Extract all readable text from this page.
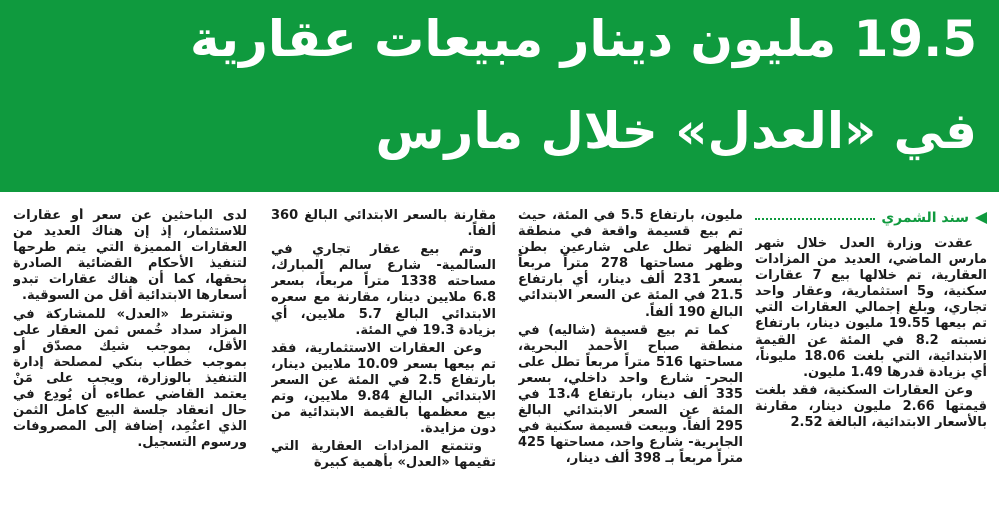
19.5 مليون دينار مبيعات عقارية
في «العدل» خلال مارس
سند الشمري

عقدت وزارة العدل خلال شهر مارس الماضي، العديد من المزادات العقارية، تم خلالها بيع 7 عقارات سكنية، و5 استثمارية، وعقار واحد تجاري، وبلغ إجمالي العقارات التي تم بيعها 19.55 مليون دينار، بارتفاع نسبته 8.2 في المئة عن القيمة الابتدائية، التي بلغت 18.06 مليوناً، أي بزيادة قدرها 1.49 مليون.

وعن العقارات السكنية، فقد بلغت قيمتها 2.66 مليون دينار، مقارنة بالأسعار الابتدائية، البالغة 2.52

مليون، بارتفاع 5.5 في المئة، حيث تم بيع قسيمة واقعة في منطقة الظهر تطل على شارعين بطن وظهر مساحتها 278 متراً مربعاً بسعر 231 ألف دينار، أي بارتفاع 21.5 في المئة عن السعر الابتدائي البالغ 190 ألفاً.

كما تم بيع قسيمة (شاليه) في منطقة صباح الأحمد البحرية، مساحتها 516 متراً مربعاً تطل على البحر- شارع واحد داخلي، بسعر 335 ألف دينار، بارتفاع 13.4 في المئة عن السعر الابتدائي البالغ 295 ألفاً. وبيعت قسيمة سكنية في الجابرية- شارع واحد، مساحتها 425 متراً مربعاً بـ 398 ألف دينار،

مقارنة بالسعر الابتدائي البالغ 360 ألفاً.

وتم بيع عقار تجاري في السالمية- شارع سالم المبارك، مساحته 1338 متراً مربعاً، بسعر 6.8 ملايين دينار، مقارنة مع سعره الابتدائي البالغ 5.7 ملايين، أي بزيادة 19.3 في المئة.

وعن العقارات الاستثمارية، فقد تم بيعها بسعر 10.09 ملايين دينار، بارتفاع 2.5 في المئة عن السعر الابتدائي البالغ 9.84 ملايين، وتم بيع معظمها بالقيمة الابتدائية من دون مزايدة.

وتتمتع المزادات العقارية التي تقيمها «العدل» بأهمية كبيرة

لدى الباحثين عن سعر أو عقارات للاستثمار، إذ إن هناك العديد من العقارات المميزة التي يتم طرحها لتنفيذ الأحكام القضائية الصادرة بحقها، كما أن هناك عقارات تبدو أسعارها الابتدائية أقل من السوقية.

وتشترط «العدل» للمشاركة في المزاد سداد خُمس ثمن العقار على الأقل، بموجب شيك مصدّق أو بموجب خطاب بنكي لمصلحة إدارة التنفيذ بالوزارة، ويجب على مَنْ يعتمد القاضي عطاءه أن يُودِع في حال انعقاد جلسة البيع كامل الثمن الذي اعتُمِد، إضافة إلى المصروفات ورسوم التسجيل.
